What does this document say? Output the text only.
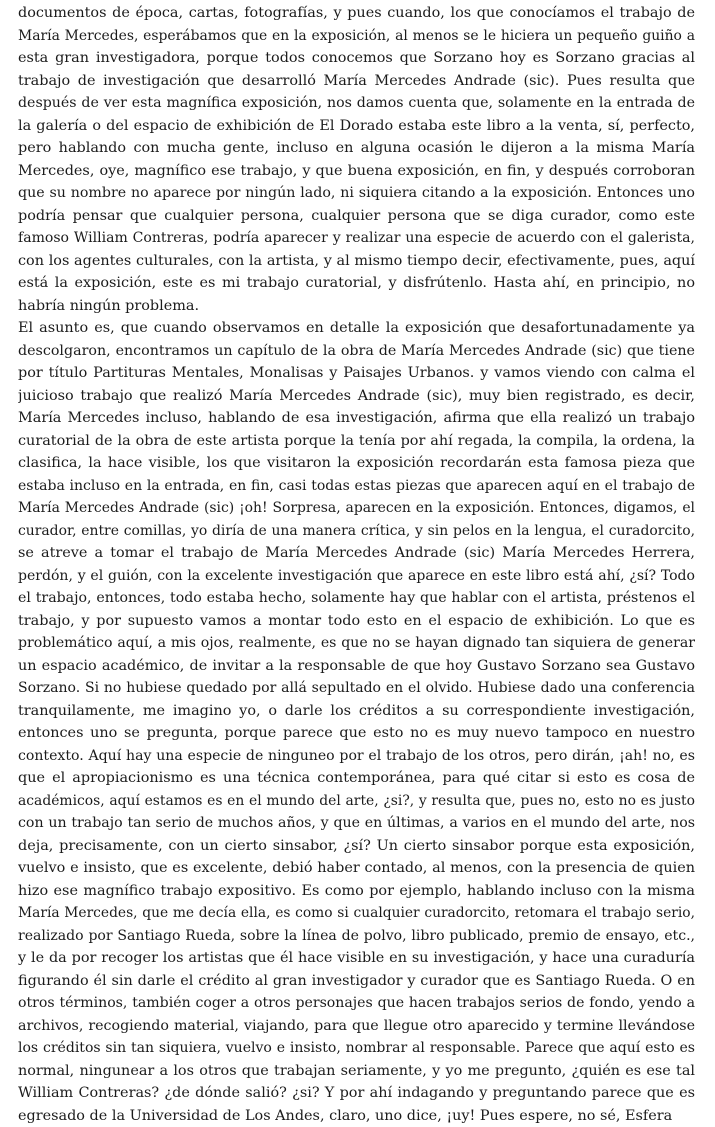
documentos de época, cartas, fotografías, y pues cuando, los que conocíamos el trabajo de
María Mercedes, esperábamos que en la exposición, al menos se le hiciera un pequeño guiño a
esta gran investigadora, porque todos conocemos que Sorzano hoy es Sorzano gracias al
trabajo de investigación que desarrolló María Mercedes Andrade (sic). Pues resulta que
después de ver esta magnífica exposición, nos damos cuenta que, solamente en la entrada de
la galería o del espacio de exhibición de El Dorado estaba este libro a la venta, sí, perfecto,
pero hablando con mucha gente, incluso en alguna ocasión le dijeron a la misma María
Mercedes, oye, magnífico ese trabajo, y que buena exposición, en fin, y después corroboran
que su nombre no aparece por ningún lado, ni siquiera citando a la exposición. Entonces uno
podría pensar que cualquier persona, cualquier persona que se diga curador, como este
famoso William Contreras, podría aparecer y realizar una especie de acuerdo con el galerista,
con los agentes culturales, con la artista, y al mismo tiempo decir, efectivamente, pues, aquí
está la exposición, este es mi trabajo curatorial, y disfrútenlo. Hasta ahí, en principio, no
habría ningún problema.
El asunto es, que cuando observamos en detalle la exposición que desafortunadamente ya
descolgaron, encontramos un capítulo de la obra de María Mercedes Andrade (sic) que tiene
por título Partituras Mentales, Monalisas y Paisajes Urbanos. y vamos viendo con calma el
juicioso trabajo que realizó María Mercedes Andrade (sic), muy bien registrado, es decir,
María Mercedes incluso, hablando de esa investigación, afirma que ella realizó un trabajo
curatorial de la obra de este artista porque la tenía por ahí regada, la compila, la ordena, la
clasifica, la hace visible, los que visitaron la exposición recordarán esta famosa pieza que
estaba incluso en la entrada, en fin, casi todas estas piezas que aparecen aquí en el trabajo de
María Mercedes Andrade (sic) ¡oh! Sorpresa, aparecen en la exposición. Entonces, digamos, el
curador, entre comillas, yo diría de una manera crítica, y sin pelos en la lengua, el curadorcito,
se atreve a tomar el trabajo de María Mercedes Andrade (sic) María Mercedes Herrera,
perdón, y el guión, con la excelente investigación que aparece en este libro está ahí, ¿sí? Todo
el trabajo, entonces, todo estaba hecho, solamente hay que hablar con el artista, préstenos el
trabajo, y por supuesto vamos a montar todo esto en el espacio de exhibición. Lo que es
problemático aquí, a mis ojos, realmente, es que no se hayan dignado tan siquiera de generar
un espacio académico, de invitar a la responsable de que hoy Gustavo Sorzano sea Gustavo
Sorzano. Si no hubiese quedado por allá sepultado en el olvido. Hubiese dado una conferencia
tranquilamente, me imagino yo, o darle los créditos a su correspondiente investigación,
entonces uno se pregunta, porque parece que esto no es muy nuevo tampoco en nuestro
contexto. Aquí hay una especie de ninguneo por el trabajo de los otros, pero dirán, ¡ah! no, es
que el apropiacionismo es una técnica contemporánea, para qué citar si esto es cosa de
académicos, aquí estamos es en el mundo del arte, ¿si?, y resulta que, pues no, esto no es justo
con un trabajo tan serio de muchos años, y que en últimas, a varios en el mundo del arte, nos
deja, precisamente, con un cierto sinsabor, ¿sí? Un cierto sinsabor porque esta exposición,
vuelvo e insisto, que es excelente, debió haber contado, al menos, con la presencia de quien
hizo ese magnífico trabajo expositivo. Es como por ejemplo, hablando incluso con la misma
María Mercedes, que me decía ella, es como si cualquier curadorcito, retomara el trabajo serio,
realizado por Santiago Rueda, sobre la línea de polvo, libro publicado, premio de ensayo, etc.,
y le da por recoger los artistas que él hace visible en su investigación, y hace una curaduría
figurando él sin darle el crédito al gran investigador y curador que es Santiago Rueda. O en
otros términos, también coger a otros personajes que hacen trabajos serios de fondo, yendo a
archivos, recogiendo material, viajando, para que llegue otro aparecido y termine llevándose
los créditos sin tan siquiera, vuelvo e insisto, nombrar al responsable. Parece que aquí esto es
normal, ningunear a los otros que trabajan seriamente, y yo me pregunto, ¿quién es ese tal
William Contreras? ¿de dónde salió? ¿si? Y por ahí indagando y preguntando parece que es
egresado de la Universidad de Los Andes, claro, uno dice, ¡uy! Pues espere, no sé, Esfera
